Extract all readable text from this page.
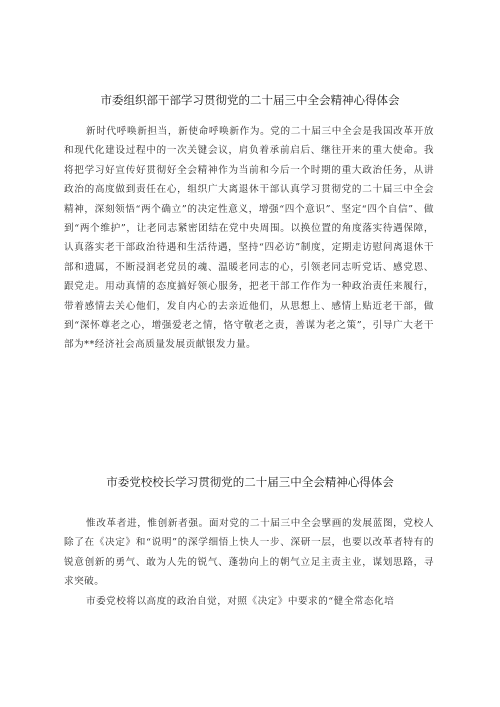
市委组织部干部学习贯彻党的二十届三中全会精神心得体会

新时代呼唤新担当，新使命呼唤新作为。党的二十届三中全会是我国改革开放和现代化建设过程中的一次关键会议，肩负着承前启后、继往开来的重大使命。我将把学习好宣传好贯彻好全会精神作为当前和今后一个时期的重大政治任务，从讲政治的高度做到责任在心，组织广大离退休干部认真学习贯彻党的二十届三中全会精神，深刻领悟“两个确立”的决定性意义，增强“四个意识”、坚定“四个自信”、做到“两个维护”，让老同志紧密团结在党中央周围。以换位置的角度落实待遇保障，认真落实老干部政治待遇和生活待遇，坚持“四必访”制度，定期走访慰问离退休干部和遗属，不断浸润老党员的魂、温暖老同志的心，引领老同志听党话、感党恩、跟党走。用动真情的态度搞好领心服务，把老干部工作作为一种政治责任来履行，带着感情去关心他们，发自内心的去亲近他们，从思想上、感情上贴近老干部，做到“深怀尊老之心，增强爱老之情，恪守敬老之责，善谋为老之策”，引导广大老干部为**经济社会高质量发展贡献银发力量。

市委党校校长学习贯彻党的二十届三中全会精神心得体会

惟改革者进，惟创新者强。面对党的二十届三中全会擘画的发展蓝图，党校人除了在《决定》和“说明”的深学细悟上快人一步、深研一层，也要以改革者特有的锐意创新的勇气、敢为人先的锐气、蓬勃向上的朝气立足主责主业，谋划思路，寻求突破。

市委党校将以高度的政治自觉，对照《决定》中要求的“健全常态化培
